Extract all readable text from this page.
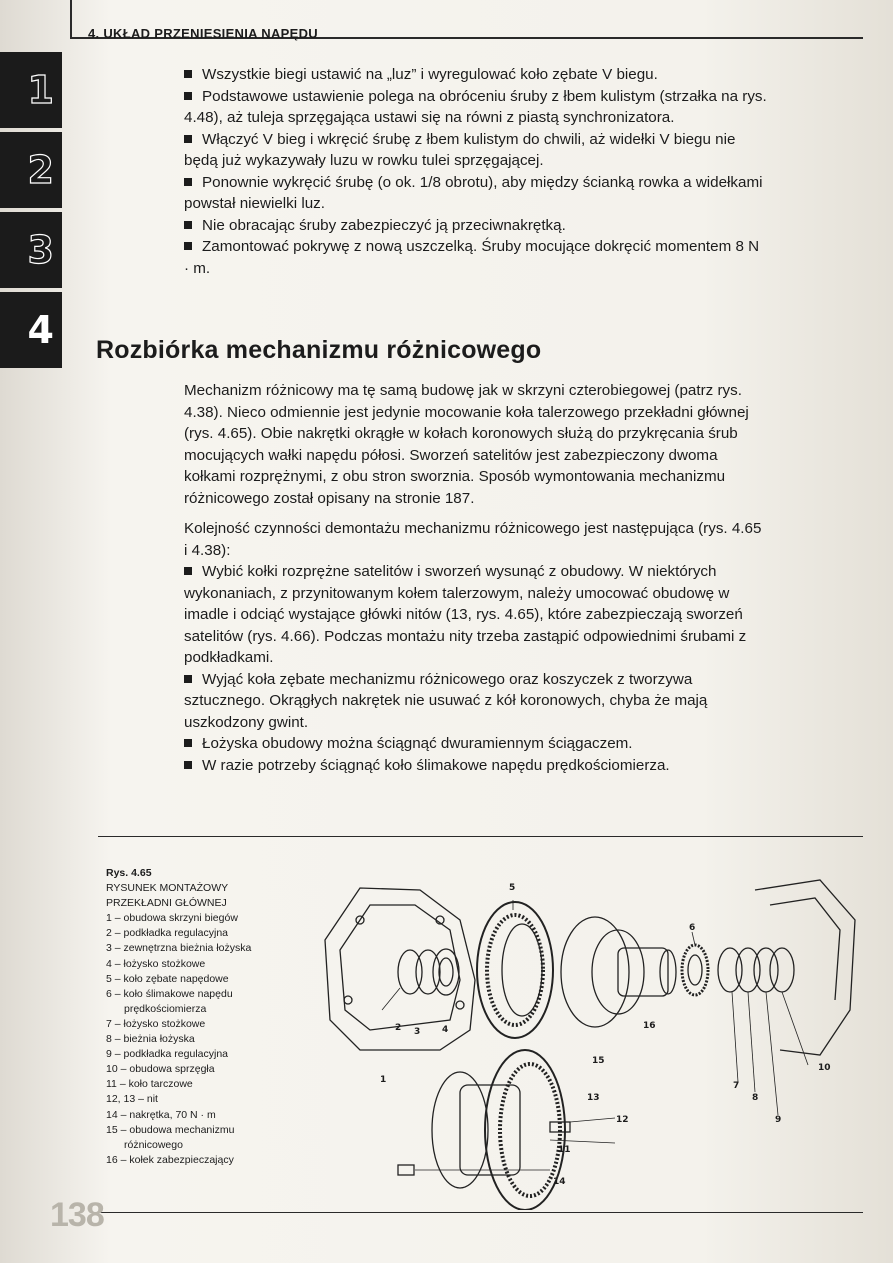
4. UKŁAD PRZENIESIENIA NAPĘDU
1
2
3
4

Wszystkie biegi ustawić na „luz” i wyregulować koło zębate V biegu.

Podstawowe ustawienie polega na obróceniu śruby z łbem kulistym (strzałka na rys. 4.48), aż tuleja sprzęgająca ustawi się na równi z piastą synchronizatora.

Włączyć V bieg i wkręcić śrubę z łbem kulistym do chwili, aż widełki V biegu nie będą już wykazywały luzu w rowku tulei sprzęgającej.

Ponownie wykręcić śrubę (o ok. 1/8 obrotu), aby między ścianką rowka a widełkami powstał niewielki luz.

Nie obracając śruby zabezpieczyć ją przeciwnakrętką.

Zamontować pokrywę z nową uszczelką. Śruby mocujące dokręcić momentem 8 N · m.

Rozbiórka mechanizmu różnicowego

Mechanizm różnicowy ma tę samą budowę jak w skrzyni czterobiegowej (patrz rys. 4.38). Nieco odmiennie jest jedynie mocowanie koła talerzowego przekładni głównej (rys. 4.65). Obie nakrętki okrągłe w kołach koronowych służą do przykręcania śrub mocujących wałki napędu półosi. Sworzeń satelitów jest zabezpieczony dwoma kołkami rozprężnymi, z obu stron sworznia. Sposób wymontowania mechanizmu różnicowego został opisany na stronie 187.

Kolejność czynności demontażu mechanizmu różnicowego jest następująca (rys. 4.65 i 4.38):

Wybić kołki rozprężne satelitów i sworzeń wysunąć z obudowy. W niektórych wykonaniach, z przynitowanym kołem talerzowym, należy umocować obudowę w imadle i odciąć wystające główki nitów (13, rys. 4.65), które zabezpieczają sworzeń satelitów (rys. 4.66). Podczas montażu nity trzeba zastąpić odpowiednimi śrubami z podkładkami.

Wyjąć koła zębate mechanizmu różnicowego oraz koszyczek z tworzywa sztucznego. Okrągłych nakrętek nie usuwać z kół koronowych, chyba że mają uszkodzony gwint.

Łożyska obudowy można ściągnąć dwuramiennym ściągaczem.

W razie potrzeby ściągnąć koło ślimakowe napędu prędkościomierza.

Rys. 4.65
RYSUNEK MONTAŻOWY
PRZEKŁADNI GŁÓWNEJ
1 – obudowa skrzyni biegów
2 – podkładka regulacyjna
3 – zewnętrzna bieżnia łożyska
4 – łożysko stożkowe
5 – koło zębate napędowe
6 – koło ślimakowe napędu
prędkościomierza
7 – łożysko stożkowe
8 – bieżnia łożyska
9 – podkładka regulacyjna
10 – obudowa sprzęgła
11 – koło tarczowe
12, 13 – nit
14 – nakrętka, 70 N · m
15 – obudowa mechanizmu
różnicowego
16 – kołek zabezpieczający
5
6
2 3 4
1
15
16
7
8
9
10
13
12
11
14
138
